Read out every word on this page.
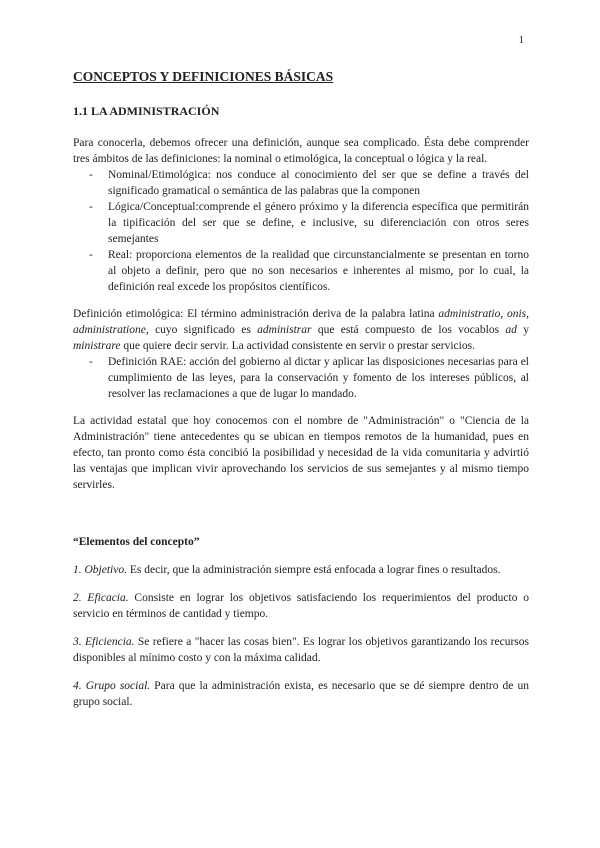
1
CONCEPTOS Y DEFINICIONES BÁSICAS
1.1 LA ADMINISTRACIÓN

Para conocerla, debemos ofrecer una definición, aunque sea complicado. Ésta debe comprender tres ámbitos de las definiciones: la nominal o etimológica, la conceptual o lógica y la real.

- Nominal/Etimológica: nos conduce al conocimiento del ser que se define a través del significado gramatical o semántica de las palabras que la componen
- Lógica/Conceptual:comprende el género próximo y la diferencia específica que permitirán la tipificación del ser que se define, e inclusive, su diferenciación con otros seres semejantes
- Real: proporciona elementos de la realidad que circunstancialmente se presentan en torno al objeto a definir, pero que no son necesarios e inherentes al mismo, por lo cual, la definición real excede los propósitos científicos.

Definición etimológica: El término administración deriva de la palabra latina administratio, onis, administratione, cuyo significado es administrar que está compuesto de los vocablos ad y ministrare que quiere decir servir. La actividad consistente en servir o prestar servicios.

- Definición RAE: acción del gobierno al dictar y aplicar las disposiciones necesarias para el cumplimiento de las leyes, para la conservación y fomento de los intereses públicos, al resolver las reclamaciones a que de lugar lo mandado.

La actividad estatal que hoy conocemos con el nombre de "Administración" o "Ciencia de la Administración" tiene antecedentes qu se ubican en tiempos remotos de la humanidad, pues en efecto, tan pronto como ésta concibió la posibilidad y necesidad de la vida comunitaria y advirtió las ventajas que implican vivir aprovechando los servicios de sus semejantes y al mismo tiempo servirles.

“Elementos del concepto”

1. Objetivo. Es decir, que la administración siempre está enfocada a lograr fines o resultados.

2. Eficacia. Consiste en lograr los objetivos satisfaciendo los requerimientos del producto o servicio en términos de cantidad y tiempo.

3. Eficiencia. Se refiere a "hacer las cosas bien". Es lograr los objetivos garantizando los recursos disponibles al mínimo costo y con la máxima calidad.

4. Grupo social. Para que la administración exista, es necesario que se dé siempre dentro de un grupo social.
